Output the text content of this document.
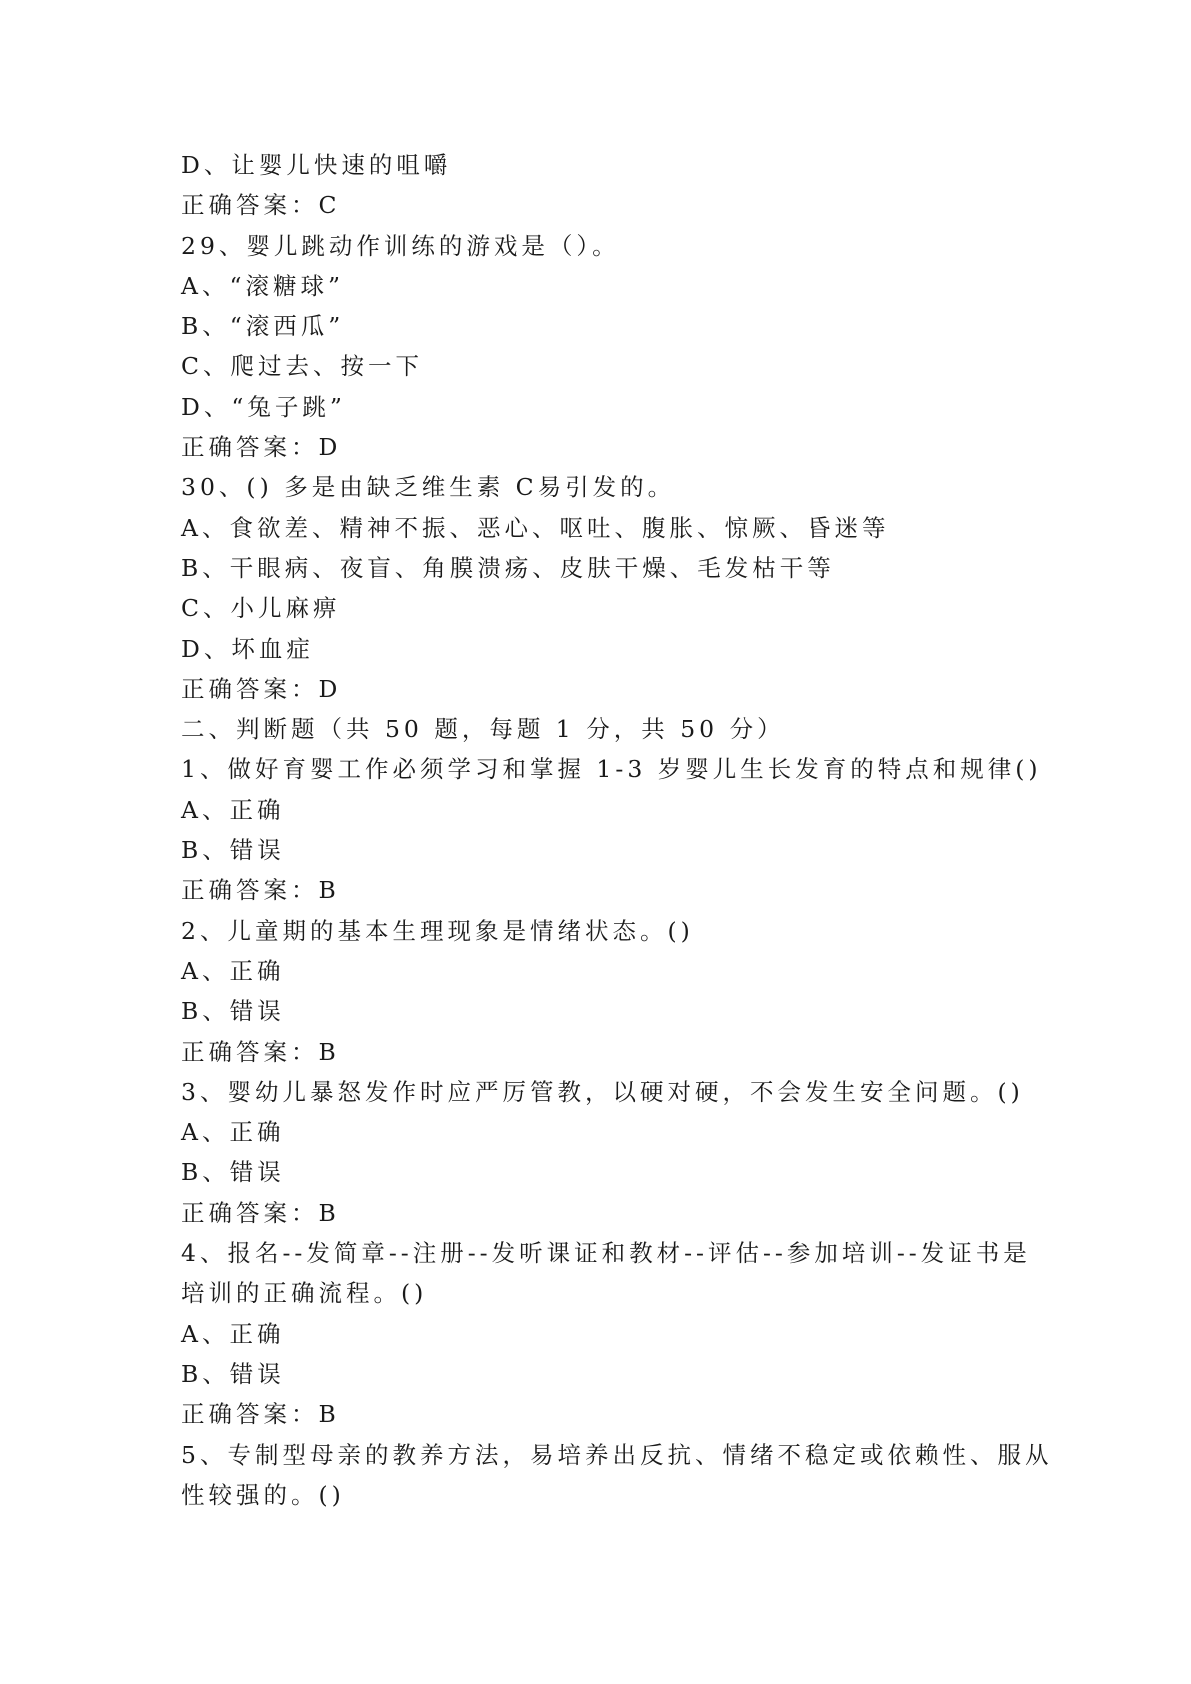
D、让婴儿快速的咀嚼
正确答案：C
29、婴儿跳动作训练的游戏是（）。
A、“滚糖球”
B、“滚西瓜”
C、爬过去、按一下
D、“兔子跳”
正确答案：D
30、() 多是由缺乏维生素 C易引发的。
A、食欲差、精神不振、恶心、呕吐、腹胀、惊厥、昏迷等
B、干眼病、夜盲、角膜溃疡、皮肤干燥、毛发枯干等
C、小儿麻痹
D、坏血症
正确答案：D
二、判断题（共 50 题，每题 1 分，共 50 分）
1、做好育婴工作必须学习和掌握 1-3 岁婴儿生长发育的特点和规律()
A、正确
B、错误
正确答案：B
2、儿童期的基本生理现象是情绪状态。()
A、正确
B、错误
正确答案：B
3、婴幼儿暴怒发作时应严厉管教，以硬对硬，不会发生安全问题。()
A、正确
B、错误
正确答案：B
4、报名--发简章--注册--发听课证和教材--评估--参加培训--发证书是
培训的正确流程。()
A、正确
B、错误
正确答案：B
5、专制型母亲的教养方法，易培养出反抗、情绪不稳定或依赖性、服从
性较强的。()
